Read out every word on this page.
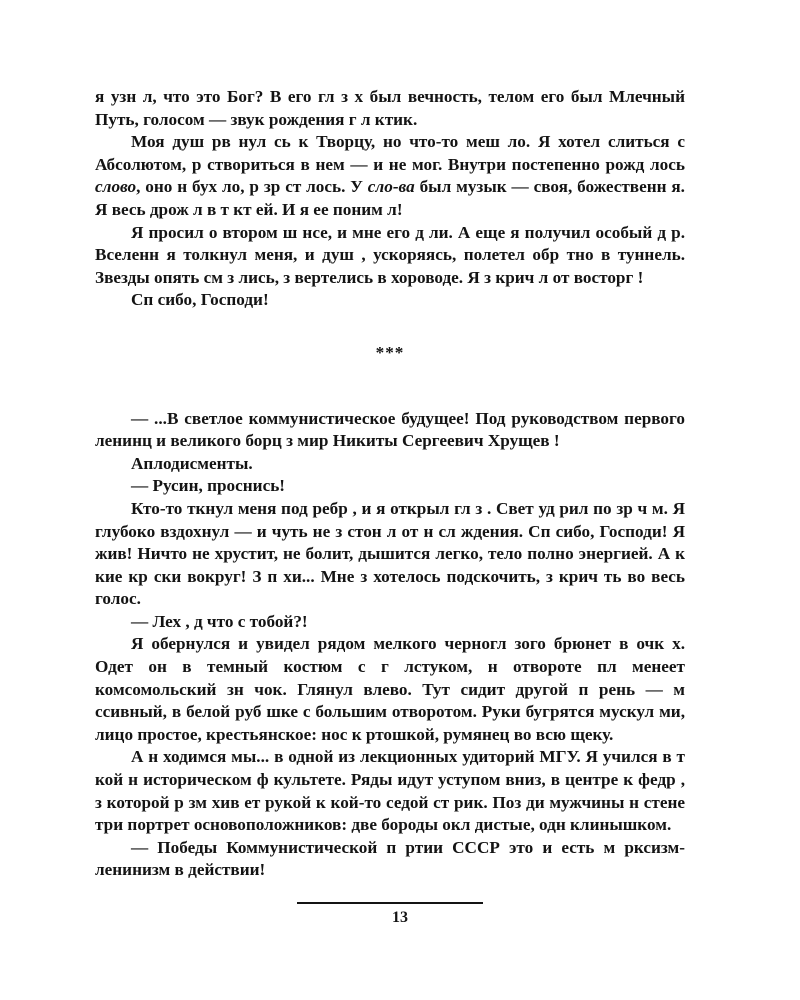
я узн л, что это Бог? В его гл з х был вечность, телом его был Млечный Путь, голосом — звук рождения г л ктик.

Моя душ рв нул сь к Творцу, но что-то меш ло. Я хотел слиться с Абсолютом, р створиться в нем — и не мог. Внутри постепенно рожд лось слово, оно н бух ло, р зр ст лось. У сло-ва был музык — своя, божественн я. Я весь дрож л в т кт ей. И я ее поним л!

Я просил о втором ш нсе, и мне его д ли. А еще я получил особый д р. Вселенн я толкнул меня, и душ , ускоряясь, полетел обр тно в туннель. Звезды опять см з лись, з вертелись в хороводе. Я з крич л от восторг !

Сп сибо, Господи!

***

— ...В светлое коммунистическое будущее! Под руководством первого ленинц и великого борц з мир Никиты Сергеевич Хрущев !

Аплодисменты.

— Русин, проснись!

Кто-то ткнул меня под ребр , и я открыл гл з . Свет уд рил по зр ч м. Я глубоко вздохнул — и чуть не з стон л от н сл ждения. Сп сибо, Господи! Я жив! Ничто не хрустит, не болит, дышится легко, тело полно энергией. А к кие кр ски вокруг! З п хи... Мне з хотелось подскочить, з крич ть во весь голос.

— Лех , д что с тобой?!

Я обернулся и увидел рядом мелкого черногл зого брюнет в очк х. Одет он в темный костюм с г лстуком, н отвороте пл менеет комсомольский зн чок. Глянул влево. Тут сидит другой п рень — м ссивный, в белой руб шке с большим отворотом. Руки бугрятся мускул ми, лицо простое, крестьянское: нос к ртошкой, румянец во всю щеку.

А н ходимся мы... в одной из лекционных удиторий МГУ. Я учился в т кой н историческом ф культете. Ряды идут уступом вниз, в центре к федр , з которой р зм хив ет рукой к кой-то седой ст рик. Поз ди мужчины н стене три портрет основоположников: две бороды окл дистые, одн клинышком.

— Победы Коммунистической п ртии СССР это и есть м рксизм-ленинизм в действии!

13
